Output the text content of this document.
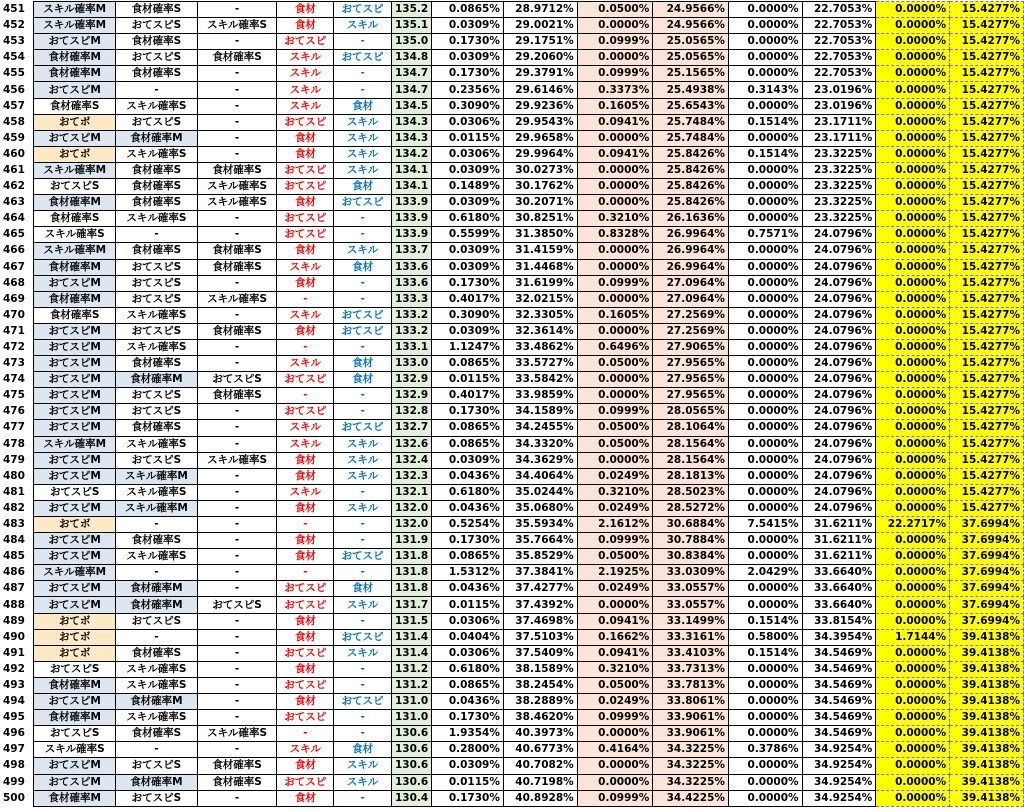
451	スキル確率M	食材確率S	-	食材	おてスピ	135.2	0.0865%	28.9712%	0.0500%	24.9566%	0.0000%	22.7053%	0.0000%	15.4277%
452	スキル確率M	おてスピS	スキル確率S	食材	スキル	135.1	0.0309%	29.0021%	0.0000%	24.9566%	0.0000%	22.7053%	0.0000%	15.4277%
453	おてスピM	食材確率S	-	おてスピ	-	135.0	0.1730%	29.1751%	0.0999%	25.0565%	0.0000%	22.7053%	0.0000%	15.4277%
454	食材確率M	おてスピS	食材確率S	スキル	おてスピ	134.8	0.0309%	29.2060%	0.0000%	25.0565%	0.0000%	22.7053%	0.0000%	15.4277%
455	食材確率M	食材確率S	-	スキル	-	134.7	0.1730%	29.3791%	0.0999%	25.1565%	0.0000%	22.7053%	0.0000%	15.4277%
456	おてスピM	-	-	スキル	-	134.7	0.2356%	29.6146%	0.3373%	25.4938%	0.3143%	23.0196%	0.0000%	15.4277%
457	食材確率S	スキル確率S	-	スキル	食材	134.5	0.3090%	29.9236%	0.1605%	25.6543%	0.0000%	23.0196%	0.0000%	15.4277%
458	おてボ	おてスピS	-	おてスピ	スキル	134.3	0.0306%	29.9543%	0.0941%	25.7484%	0.1514%	23.1711%	0.0000%	15.4277%
459	おてスピM	食材確率M	-	食材	スキル	134.3	0.0115%	29.9658%	0.0000%	25.7484%	0.0000%	23.1711%	0.0000%	15.4277%
460	おてボ	スキル確率S	-	食材	スキル	134.2	0.0306%	29.9964%	0.0941%	25.8426%	0.1514%	23.3225%	0.0000%	15.4277%
461	スキル確率M	食材確率S	食材確率S	おてスピ	スキル	134.1	0.0309%	30.0273%	0.0000%	25.8426%	0.0000%	23.3225%	0.0000%	15.4277%
462	おてスピS	食材確率S	スキル確率S	おてスピ	食材	134.1	0.1489%	30.1762%	0.0000%	25.8426%	0.0000%	23.3225%	0.0000%	15.4277%
463	食材確率M	食材確率S	スキル確率S	食材	おてスピ	133.9	0.0309%	30.2071%	0.0000%	25.8426%	0.0000%	23.3225%	0.0000%	15.4277%
464	食材確率S	スキル確率S	-	おてスピ	-	133.9	0.6180%	30.8251%	0.3210%	26.1636%	0.0000%	23.3225%	0.0000%	15.4277%
465	スキル確率S	-	-	おてスピ	-	133.9	0.5599%	31.3850%	0.8328%	26.9964%	0.7571%	24.0796%	0.0000%	15.4277%
466	スキル確率M	食材確率S	食材確率S	食材	スキル	133.7	0.0309%	31.4159%	0.0000%	26.9964%	0.0000%	24.0796%	0.0000%	15.4277%
467	食材確率M	おてスピS	食材確率S	スキル	食材	133.6	0.0309%	31.4468%	0.0000%	26.9964%	0.0000%	24.0796%	0.0000%	15.4277%
468	おてスピM	おてスピS	-	食材	-	133.6	0.1730%	31.6199%	0.0999%	27.0964%	0.0000%	24.0796%	0.0000%	15.4277%
469	食材確率M	おてスピS	スキル確率S	-	-	133.3	0.4017%	32.0215%	0.0000%	27.0964%	0.0000%	24.0796%	0.0000%	15.4277%
470	食材確率S	スキル確率S	-	スキル	おてスピ	133.2	0.3090%	32.3305%	0.1605%	27.2569%	0.0000%	24.0796%	0.0000%	15.4277%
471	おてスピM	おてスピS	食材確率S	食材	おてスピ	133.2	0.0309%	32.3614%	0.0000%	27.2569%	0.0000%	24.0796%	0.0000%	15.4277%
472	おてスピM	スキル確率S	-	-	-	133.1	1.1247%	33.4862%	0.6496%	27.9065%	0.0000%	24.0796%	0.0000%	15.4277%
473	おてスピM	食材確率S	-	スキル	食材	133.0	0.0865%	33.5727%	0.0500%	27.9565%	0.0000%	24.0796%	0.0000%	15.4277%
474	おてスピM	食材確率M	おてスピS	おてスピ	食材	132.9	0.0115%	33.5842%	0.0000%	27.9565%	0.0000%	24.0796%	0.0000%	15.4277%
475	おてスピM	おてスピS	食材確率S	-	-	132.9	0.4017%	33.9859%	0.0000%	27.9565%	0.0000%	24.0796%	0.0000%	15.4277%
476	おてスピM	おてスピS	-	おてスピ	-	132.8	0.1730%	34.1589%	0.0999%	28.0565%	0.0000%	24.0796%	0.0000%	15.4277%
477	おてスピM	食材確率S	-	スキル	おてスピ	132.7	0.0865%	34.2455%	0.0500%	28.1064%	0.0000%	24.0796%	0.0000%	15.4277%
478	スキル確率M	スキル確率S	-	スキル	スキル	132.6	0.0865%	34.3320%	0.0500%	28.1564%	0.0000%	24.0796%	0.0000%	15.4277%
479	おてスピM	おてスピS	スキル確率S	食材	スキル	132.4	0.0309%	34.3629%	0.0000%	28.1564%	0.0000%	24.0796%	0.0000%	15.4277%
480	おてスピM	スキル確率M	-	食材	スキル	132.3	0.0436%	34.4064%	0.0249%	28.1813%	0.0000%	24.0796%	0.0000%	15.4277%
481	おてスピS	スキル確率S	-	スキル	-	132.1	0.6180%	35.0244%	0.3210%	28.5023%	0.0000%	24.0796%	0.0000%	15.4277%
482	おてスピM	スキル確率M	-	食材	スキル	132.0	0.0436%	35.0680%	0.0249%	28.5272%	0.0000%	24.0796%	0.0000%	15.4277%
483	おてボ	-	-	-	-	132.0	0.5254%	35.5934%	2.1612%	30.6884%	7.5415%	31.6211%	22.2717%	37.6994%
484	おてスピM	食材確率S	-	食材	-	131.9	0.1730%	35.7664%	0.0999%	30.7884%	0.0000%	31.6211%	0.0000%	37.6994%
485	おてスピM	スキル確率S	-	食材	おてスピ	131.8	0.0865%	35.8529%	0.0500%	30.8384%	0.0000%	31.6211%	0.0000%	37.6994%
486	スキル確率M	-	-	-	-	131.8	1.5312%	37.3841%	2.1925%	33.0309%	2.0429%	33.6640%	0.0000%	37.6994%
487	おてスピM	食材確率M	-	おてスピ	食材	131.8	0.0436%	37.4277%	0.0249%	33.0557%	0.0000%	33.6640%	0.0000%	37.6994%
488	おてスピM	食材確率M	おてスピS	おてスピ	スキル	131.7	0.0115%	37.4392%	0.0000%	33.0557%	0.0000%	33.6640%	0.0000%	37.6994%
489	おてボ	おてスピS	-	食材	-	131.5	0.0306%	37.4698%	0.0941%	33.1499%	0.1514%	33.8154%	0.0000%	37.6994%
490	おてボ	-	-	食材	おてスピ	131.4	0.0404%	37.5103%	0.1662%	33.3161%	0.5800%	34.3954%	1.7144%	39.4138%
491	おてボ	食材確率S	-	おてスピ	スキル	131.4	0.0306%	37.5409%	0.0941%	33.4103%	0.1514%	34.5469%	0.0000%	39.4138%
492	おてスピS	スキル確率S	-	食材	-	131.2	0.6180%	38.1589%	0.3210%	33.7313%	0.0000%	34.5469%	0.0000%	39.4138%
493	食材確率M	スキル確率S	-	おてスピ	-	131.2	0.0865%	38.2454%	0.0500%	33.7813%	0.0000%	34.5469%	0.0000%	39.4138%
494	おてスピM	食材確率M	-	食材	おてスピ	131.0	0.0436%	38.2889%	0.0249%	33.8061%	0.0000%	34.5469%	0.0000%	39.4138%
495	食材確率M	スキル確率S	-	おてスピ	-	131.0	0.1730%	38.4620%	0.0999%	33.9061%	0.0000%	34.5469%	0.0000%	39.4138%
496	おてスピS	食材確率S	スキル確率S	-	-	130.6	1.9354%	40.3973%	0.0000%	33.9061%	0.0000%	34.5469%	0.0000%	39.4138%
497	スキル確率S	-	-	スキル	食材	130.6	0.2800%	40.6773%	0.4164%	34.3225%	0.3786%	34.9254%	0.0000%	39.4138%
498	おてスピM	おてスピS	食材確率S	食材	スキル	130.6	0.0309%	40.7082%	0.0000%	34.3225%	0.0000%	34.9254%	0.0000%	39.4138%
499	おてスピM	食材確率M	食材確率S	おてスピ	スキル	130.6	0.0115%	40.7198%	0.0000%	34.3225%	0.0000%	34.9254%	0.0000%	39.4138%
500	食材確率M	おてスピS	-	食材	-	130.4	0.1730%	40.8928%	0.0999%	34.4225%	0.0000%	34.9254%	0.0000%	39.4138%
